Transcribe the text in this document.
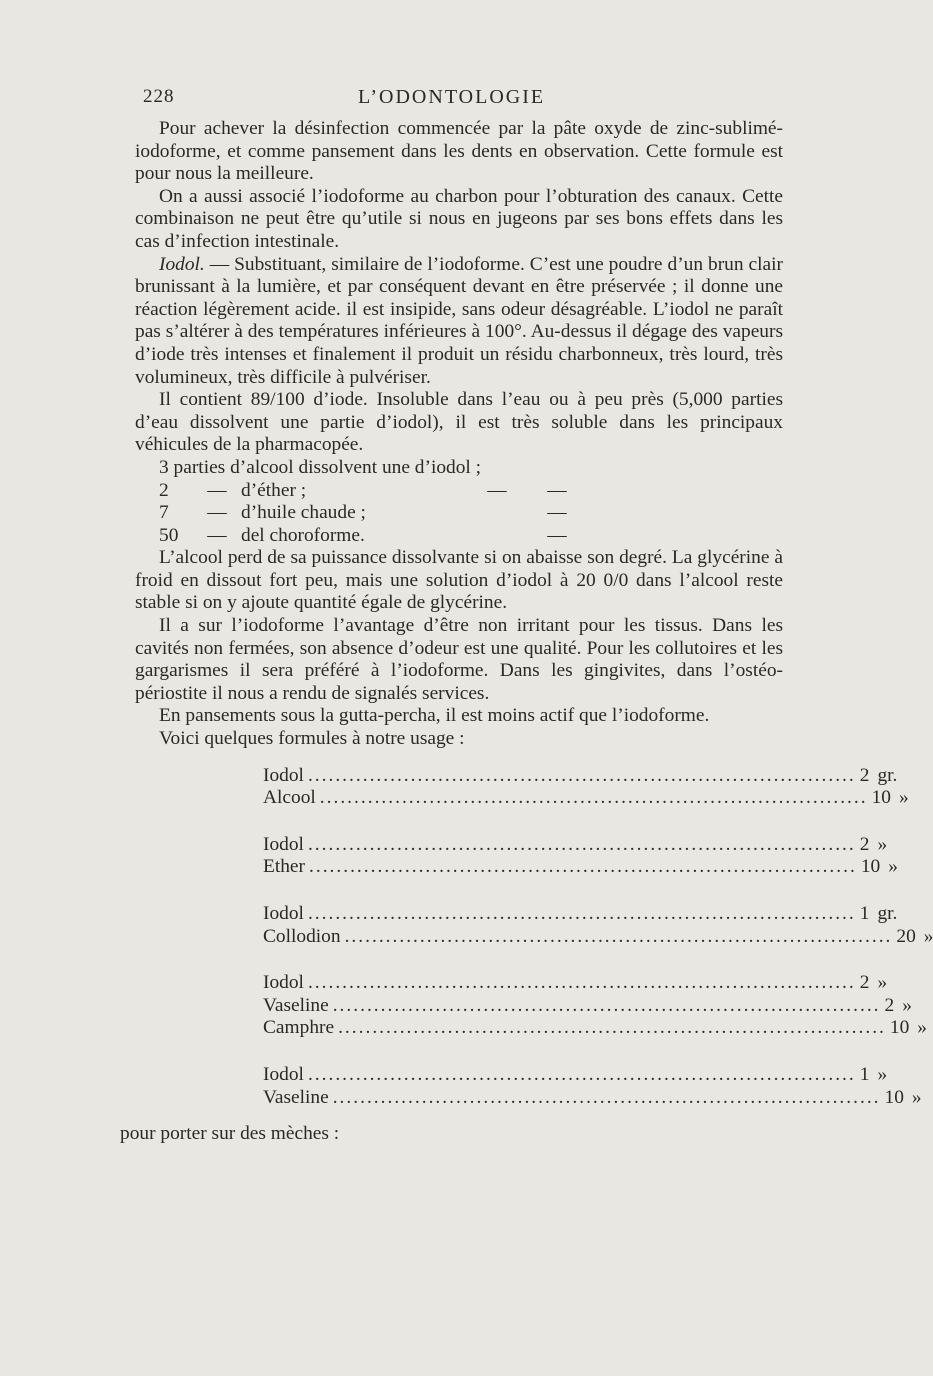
228	L’ODONTOLOGIE

Pour achever la désinfection commencée par la pâte oxyde de zinc-sublimé-iodoforme, et comme pansement dans les dents en observation. Cette formule est pour nous la meilleure.

On a aussi associé l’iodoforme au charbon pour l’obturation des canaux. Cette combinaison ne peut être qu’utile si nous en jugeons par ses bons effets dans les cas d’infection intestinale.

Iodol. — Substituant, similaire de l’iodoforme. C’est une poudre d’un brun clair brunissant à la lumière, et par conséquent devant en être préservée ; il donne une réaction légèrement acide. il est insipide, sans odeur désagréable. L’iodol ne paraît pas s’altérer à des températures inférieures à 100°. Au-dessus il dégage des vapeurs d’iode très intenses et finalement il produit un résidu charbonneux, très lourd, très volumineux, très difficile à pulvériser.

Il contient 89/100 d’iode. Insoluble dans l’eau ou à peu près (5,000 parties d’eau dissolvent une partie d’iodol), il est très soluble dans les principaux véhicules de la pharmacopée.

3 parties d’alcool dissolvent une d’iodol ;

2	—	d’éther ;	—	—
7	—	d’huile chaude ;		—
50	—	del choroforme.		—

L’alcool perd de sa puissance dissolvante si on abaisse son degré. La glycérine à froid en dissout fort peu, mais une solution d’iodol à 20 0/0 dans l’alcool reste stable si on y ajoute quantité égale de glycérine.

Il a sur l’iodoforme l’avantage d’être non irritant pour les tissus. Dans les cavités non fermées, son absence d’odeur est une qualité. Pour les collutoires et les gargarismes il sera préféré à l’iodoforme. Dans les gingivites, dans l’ostéo-périostite il nous a rendu de signalés services.

En pansements sous la gutta-percha, il est moins actif que l’iodoforme.

Voici quelques formules à notre usage :

Iodol ................................................................................ 2 gr.
Alcool ................................................................................ 10 »
Iodol ................................................................................ 2 »
Ether ................................................................................ 10 »
Iodol ................................................................................ 1 gr.
Collodion ................................................................................ 20 »
Iodol ................................................................................ 2 »
Vaseline ................................................................................ 2 »
Camphre ................................................................................ 10 »
Iodol ................................................................................ 1 »
Vaseline ................................................................................ 10 »

pour porter sur des mèches :
